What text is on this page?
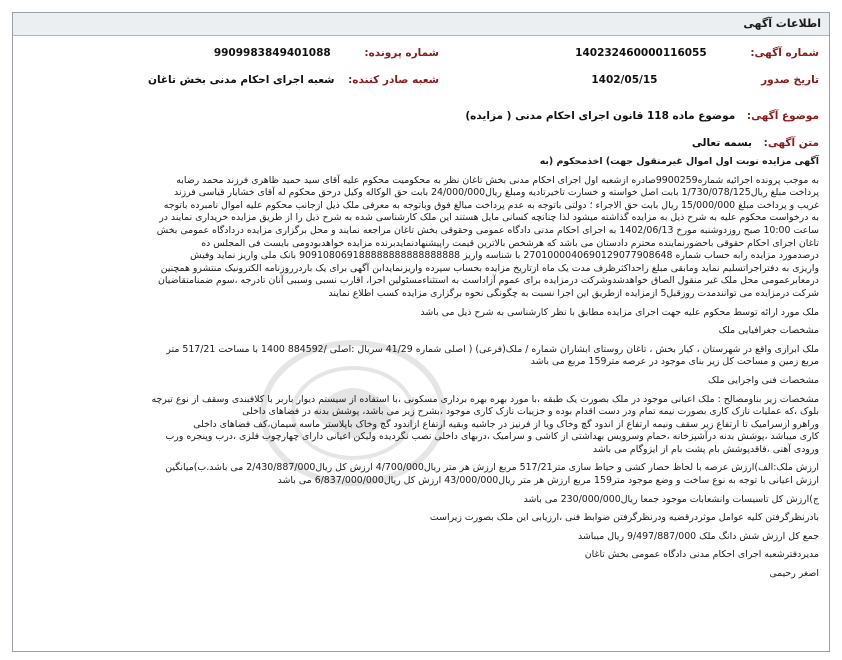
اطلاعات آگهی
شماره آگهی: 140232460000116055
تاریخ صدور 1402/05/15
شماره پرونده: 9909983849401088
شعبه صادر کننده: شعبه اجرای احکام مدنی بخش تاغان
موضوع آگهی: موضوع ماده 118 قانون اجرای احکام مدنی ( مزایده)
متن آگهی: بسمه تعالی
آگهی مزایده نوبت اول اموال غیرمنقول جهت) اخذمحکوم (به
به موجب پرونده اجرائیه شماره9900259صادره ازشعبه اول اجرای احکام مدنی بخش تاغان نظر به محکومیت محکوم علیه آقای سید حمید ظاهری فرزند محمد رضابه
پرداخت مبلغ ریال1/730/078/125 بابت اصل خواسته و خسارت تاخیرتادیه ومبلغ ریال24/000/000 بابت حق الوکاله وکیل درحق محکوم له آقای خشایار قیاسی فرزند
غریب و پرداخت مبلغ 15/000/000 ریال بابت حق الاجراء ؛ دولتی باتوجه به عدم پرداخت مبالغ فوق وباتوجه به معرفی ملک ذیل ازجانب محکوم علیه اموال نامبرده باتوجه
به درخواست محکوم علیه به شرح ذیل به مزایده گذاشته میشود لذا چنانچه کسانی مایل هستند این ملک کارشناسی شده به شرح ذیل را از طریق مزایده خریداری نمایند در
ساعت 10:00 صبح روزدوشنبه مورخ 1402/06/13 به اجرای احکام مدنی دادگاه عمومی وحقوقی بخش تاغان مراجعه نمایند و محل برگزاری مزایده دردادگاه عمومی بخش
تاغان اجرای احکام حقوقی باحضورنماینده محترم دادستان می باشد که هرشخص بالاترین قیمت راپیشنهادنمایدبرنده مزایده خواهدبودومی بایست فی المجلس ده
درصدمورد مزایده رابه حساب شماره 2701000040690129077908648 با شناسه واریز 909108069188888888888888888 بانک ملی واریز نماید وفیش
واریزی به دفتراجراتسلیم نماید ومابقی مبلغ راحداکثرظرف مدت یک ماه ازتاریخ مزایده بحساب سپرده واریزنمایدابن آگهی برای یک باردرروزنامه الکترونیک منتشرو همچنین
درمعابرعمومی محل ملک غیر منقول الصاق خواهدشدوشرکت درمزایده برای عموم آزاداست به استثناءمسئولین اجرا، اقارب نسبی وسببی آنان تادرجه ،سوم ضمنامتقاضیان
شرکت درمزایده می توانندمدت روزقبل5 ازمزایده ازطریق این اجرا نسبت به چگونگی نحوه برگزاری مزایده کسب اطلاع نمایند
ملک مورد ارائه توسط محکوم علیه جهت اجرای مزایده مطابق با نظر کارشناسی به شرح ذیل می باشد
مشخصات جغرافیایی ملک
ملک ابرازی واقع در شهرستان ، کیار بخش ، تاغان روستای ابشاران شماره / ملک(فرعی) ( اصلی شماره 41/29 سریال :اصلی /884592 1400 با مساحت 517/21 متر
مربع زمین و مساحت کل زیر بنای موجود در عرصه متر159 مربع می باشد
مشخصات فنی واجرایی ملک
مشخصات زیر بناومصالح : ملک اعیانی موجود در ملک بصورت یک طبقه ،با مورد بهره بهره برداری مسکونی ،با استفاده از سیستم دیوار باربر با کلافبندی وسقف از نوع تیرچه
بلوک ،که عملیات نازک کاری بصورت نیمه تمام ودر دست اقدام بوده و جزییات نازک کاری موجود ،بشرح زیر می باشد، پوشش بدنه در فضاهای داخلی
وراهرو ازسرامیک تا ارتفاع زیر سقف ونیمه ارتفاع از اندود گچ وخاک ویا از فرنیز در جاشیه وبقیه ارتفاع ازاندود گچ وخاک باپلاستر ماسه سیمان،کف فضاهای داخلی
کاری میباشد ،پوشش بدنه درآشپزخانه ،حمام وسرویس بهداشتی از کاشی و سرامیک ،دربهای داخلی نصب نگردیده ولیکن اعیانی دارای چهارچوب فلزی ،درب وپنجره ورب
ورودی آهنی ،فاقدپوشش بام پشت بام از ایزوگام می باشد
ارزش ملک:الف)ارزش عرصه با لحاظ حصار کشی و حیاط سازی متر517/21 مربع ارزش هر متر ریال4/700/000 ارزش کل ریال2/430/887/000 می باشد.ب)میانگین
ارزش اعیانی با توجه به نوع ساخت و وضع موجود متر159 مربع ارزش هر متر ریال43/000/000 ارزش کل ریال6/837/000/000 می باشد
ج)ارزش کل تاسیسات وانشعابات موجود جمعا ریال230/000/000 می باشد
بادرنظرگرفتن کلیه عوامل موثردرقضیه ودرنظرگرفتن ضوابط فنی ،ارزیابی این ملک بصورت زیراست
جمع کل ارزش شش دانگ ملک 9/497/887/000 ریال میباشد
مدیردفترشعبه اجرای احکام مدنی دادگاه عمومی بخش تاغان
اصغر رحیمی
